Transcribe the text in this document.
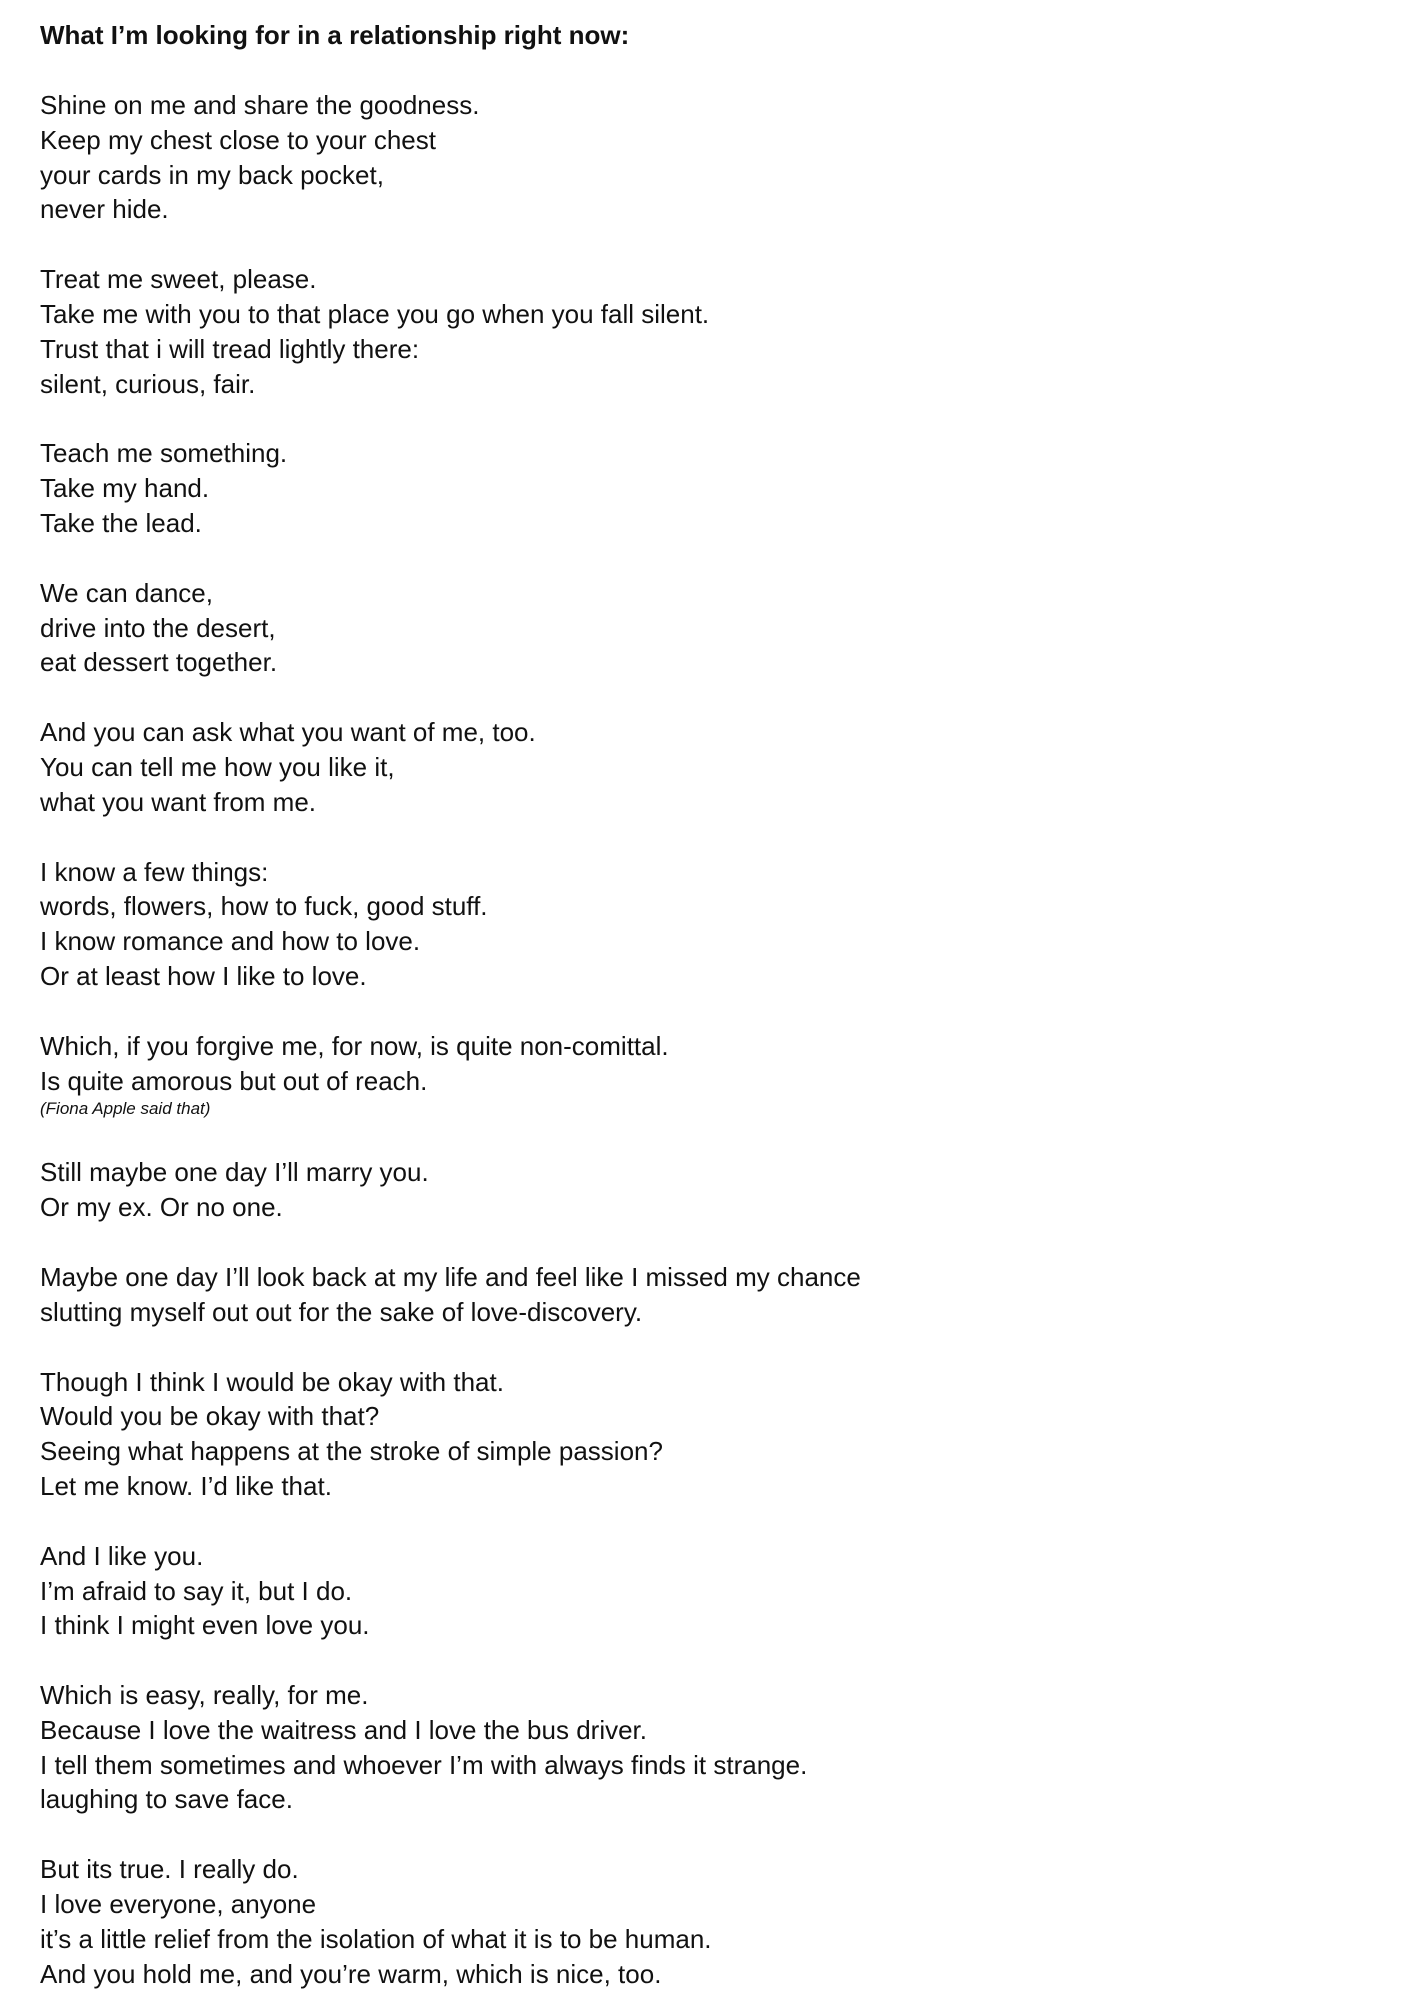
What I’m looking for in a relationship right now:

Shine on me and share the goodness.
Keep my chest close to your chest
your cards in my back pocket,
never hide.

Treat me sweet, please.
Take me with you to that place you go when you fall silent.
Trust that i will tread lightly there:
silent, curious, fair.

Teach me something.
Take my hand.
Take the lead.

We can dance,
drive into the desert,
eat dessert together.

And you can ask what you want of me, too.
You can tell me how you like it,
what you want from me.

I know a few things:
words, flowers, how to fuck, good stuff.
I know romance and how to love.
Or at least how I like to love.

Which, if you forgive me, for now, is quite non-comittal.
Is quite amorous but out of reach.
(Fiona Apple said that)

Still maybe one day I’ll marry you.
Or my ex. Or no one.

Maybe one day I’ll look back at my life and feel like I missed my chance
slutting myself out out for the sake of love-discovery.

Though I think I would be okay with that.
Would you be okay with that?
Seeing what happens at the stroke of simple passion?
Let me know. I’d like that.

And I like you.
I’m afraid to say it, but I do.
I think I might even love you.

Which is easy, really, for me.
Because I love the waitress and I love the bus driver.
I tell them sometimes and whoever I’m with always finds it strange.
laughing to save face.

But its true. I really do.
I love everyone, anyone
it’s a little relief from the isolation of what it is to be human.
And you hold me, and you’re warm, which is nice, too.
